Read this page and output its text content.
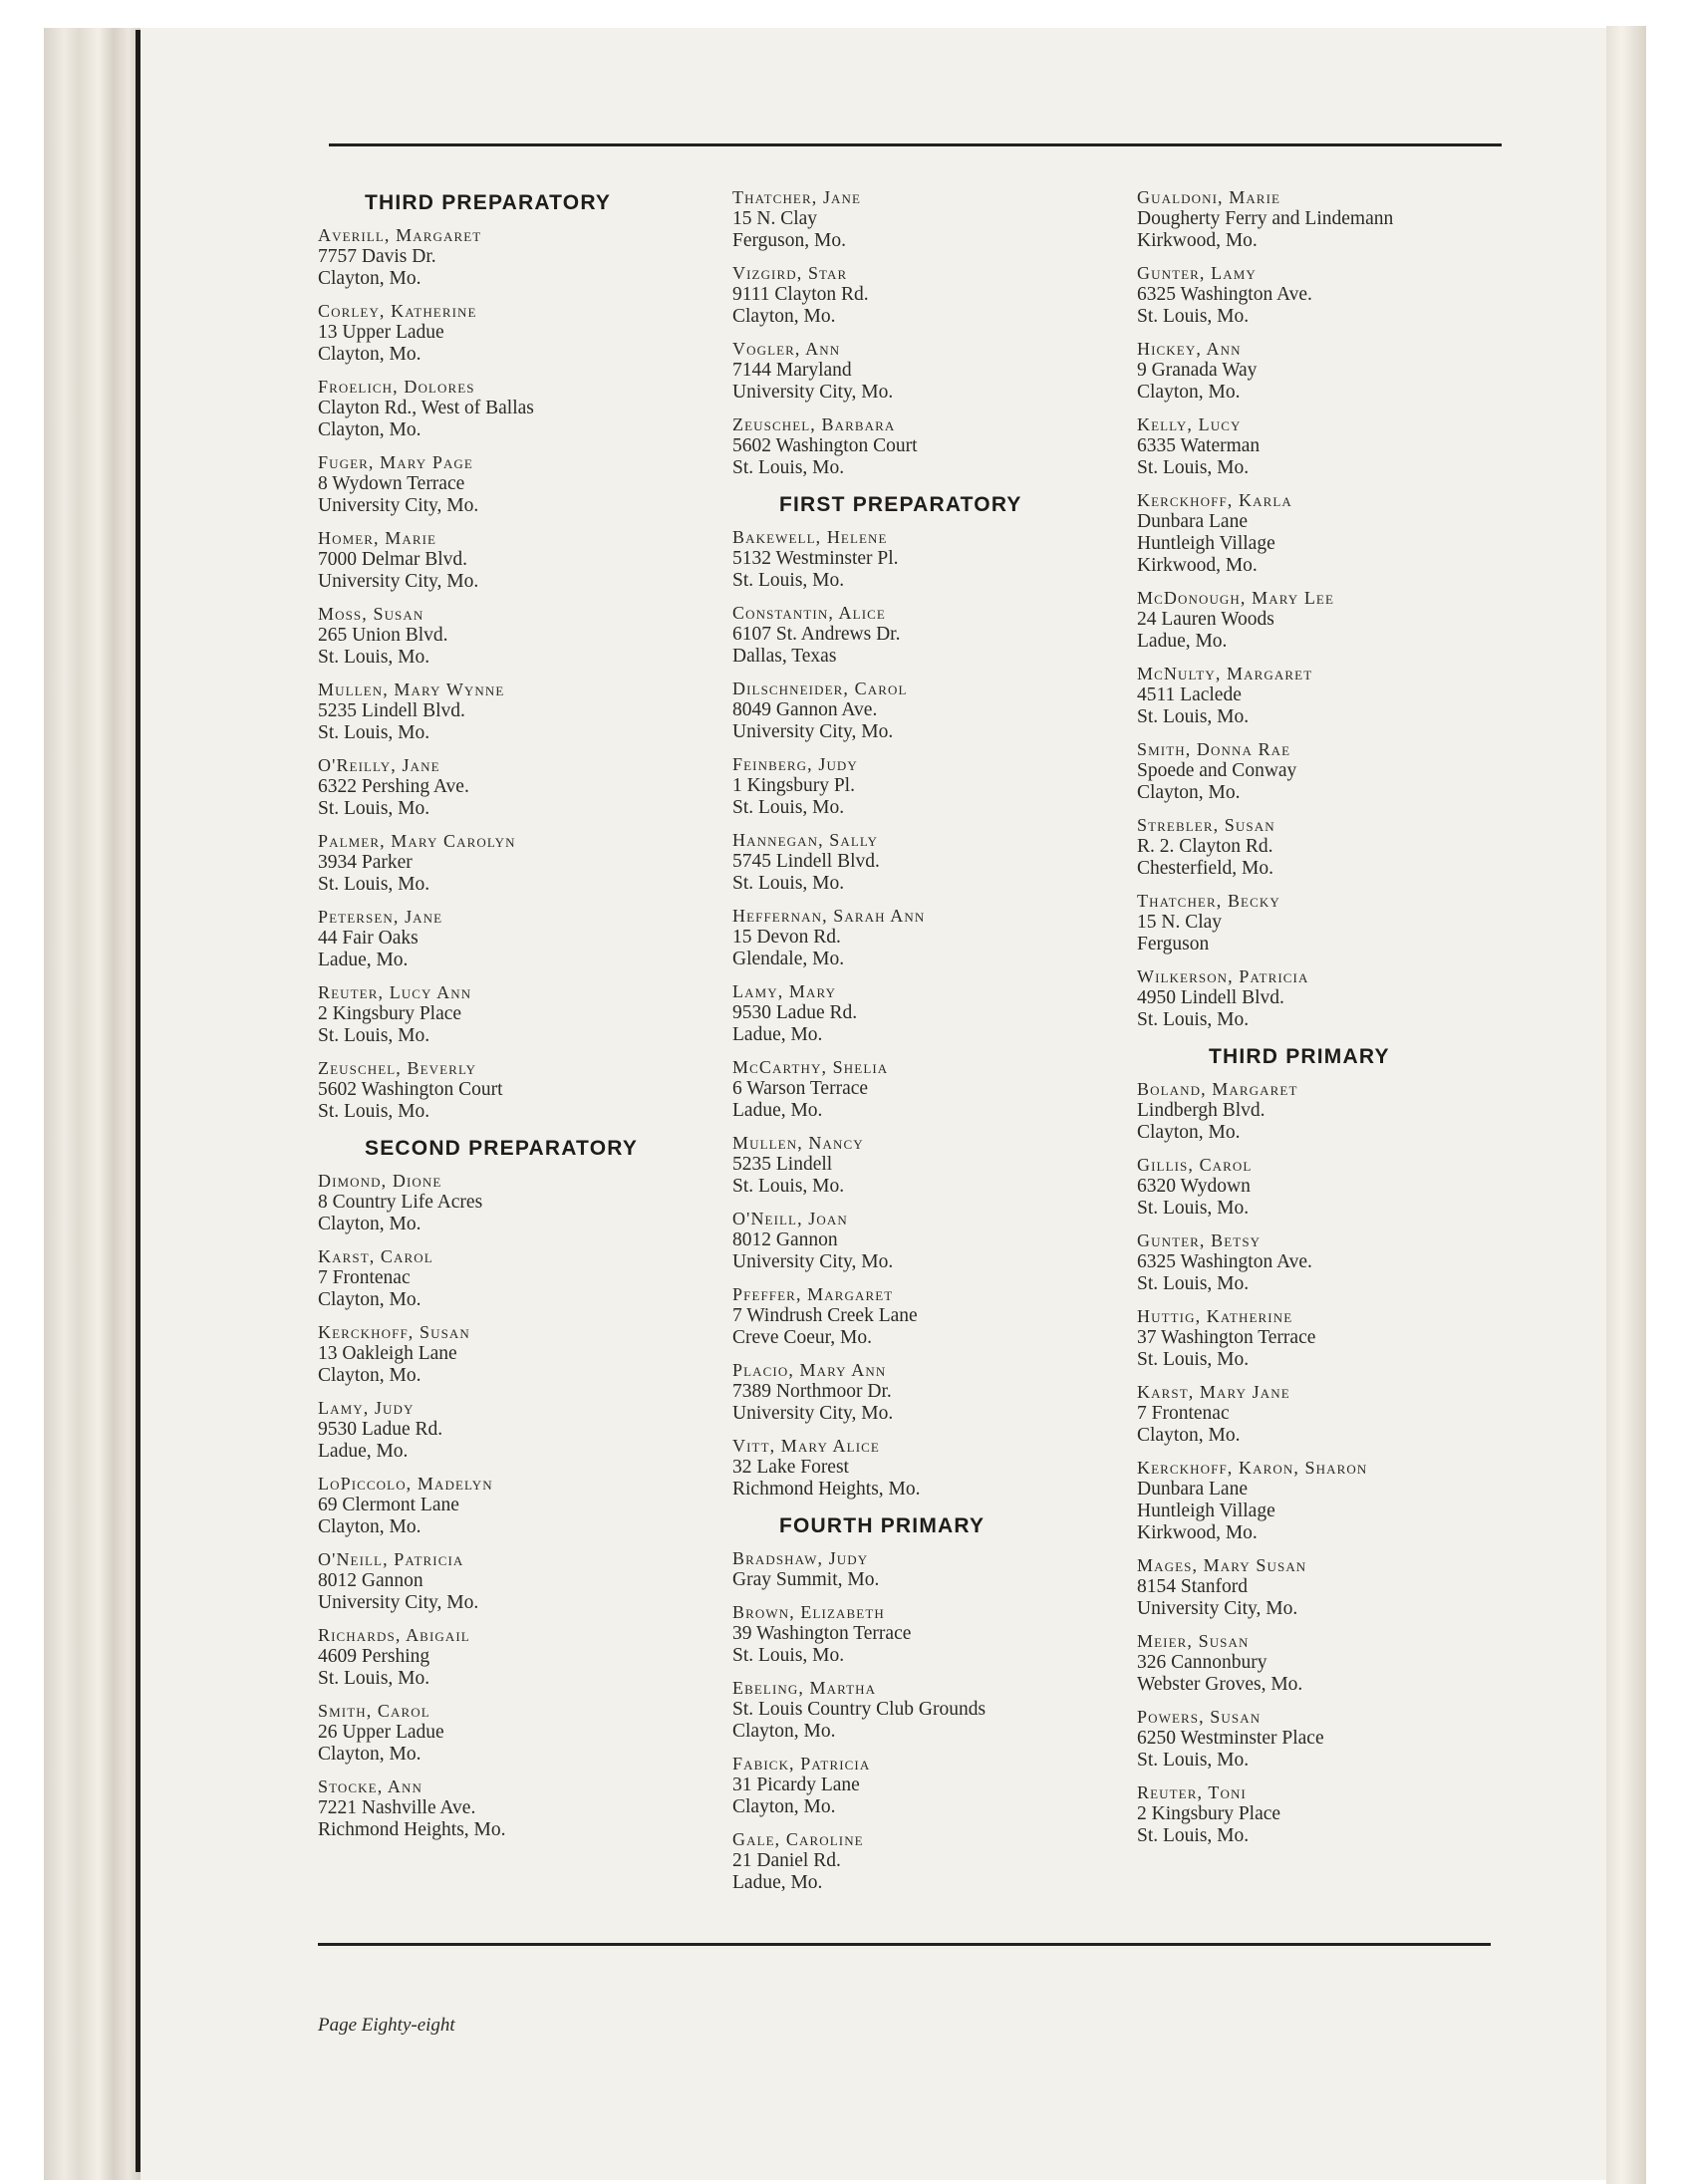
THIRD PREPARATORY
Averill, Margaret
7757 Davis Dr.
Clayton, Mo.
Corley, Katherine
13 Upper Ladue
Clayton, Mo.
Froelich, Dolores
Clayton Rd., West of Ballas
Clayton, Mo.
Fuger, Mary Page
8 Wydown Terrace
University City, Mo.
Homer, Marie
7000 Delmar Blvd.
University City, Mo.
Moss, Susan
265 Union Blvd.
St. Louis, Mo.
Mullen, Mary Wynne
5235 Lindell Blvd.
St. Louis, Mo.
O'Reilly, Jane
6322 Pershing Ave.
St. Louis, Mo.
Palmer, Mary Carolyn
3934 Parker
St. Louis, Mo.
Petersen, Jane
44 Fair Oaks
Ladue, Mo.
Reuter, Lucy Ann
2 Kingsbury Place
St. Louis, Mo.
Zeuschel, Beverly
5602 Washington Court
St. Louis, Mo.
SECOND PREPARATORY
Dimond, Dione
8 Country Life Acres
Clayton, Mo.
Karst, Carol
7 Frontenac
Clayton, Mo.
Kerckhoff, Susan
13 Oakleigh Lane
Clayton, Mo.
Lamy, Judy
9530 Ladue Rd.
Ladue, Mo.
LoPiccolo, Madelyn
69 Clermont Lane
Clayton, Mo.
O'Neill, Patricia
8012 Gannon
University City, Mo.
Richards, Abigail
4609 Pershing
St. Louis, Mo.
Smith, Carol
26 Upper Ladue
Clayton, Mo.
Stocke, Ann
7221 Nashville Ave.
Richmond Heights, Mo.
Thatcher, Jane
15 N. Clay
Ferguson, Mo.
Vizgird, Star
9111 Clayton Rd.
Clayton, Mo.
Vogler, Ann
7144 Maryland
University City, Mo.
Zeuschel, Barbara
5602 Washington Court
St. Louis, Mo.
FIRST PREPARATORY
Bakewell, Helene
5132 Westminster Pl.
St. Louis, Mo.
Constantin, Alice
6107 St. Andrews Dr.
Dallas, Texas
Dilschneider, Carol
8049 Gannon Ave.
University City, Mo.
Feinberg, Judy
1 Kingsbury Pl.
St. Louis, Mo.
Hannegan, Sally
5745 Lindell Blvd.
St. Louis, Mo.
Heffernan, Sarah Ann
15 Devon Rd.
Glendale, Mo.
Lamy, Mary
9530 Ladue Rd.
Ladue, Mo.
McCarthy, Shelia
6 Warson Terrace
Ladue, Mo.
Mullen, Nancy
5235 Lindell
St. Louis, Mo.
O'Neill, Joan
8012 Gannon
University City, Mo.
Pfeffer, Margaret
7 Windrush Creek Lane
Creve Coeur, Mo.
Placio, Mary Ann
7389 Northmoor Dr.
University City, Mo.
Vitt, Mary Alice
32 Lake Forest
Richmond Heights, Mo.
FOURTH PRIMARY
Bradshaw, Judy
Gray Summit, Mo.
Brown, Elizabeth
39 Washington Terrace
St. Louis, Mo.
Ebeling, Martha
St. Louis Country Club Grounds
Clayton, Mo.
Fabick, Patricia
31 Picardy Lane
Clayton, Mo.
Gale, Caroline
21 Daniel Rd.
Ladue, Mo.
Gualdoni, Marie
Dougherty Ferry and Lindemann
Kirkwood, Mo.
Gunter, Lamy
6325 Washington Ave.
St. Louis, Mo.
Hickey, Ann
9 Granada Way
Clayton, Mo.
Kelly, Lucy
6335 Waterman
St. Louis, Mo.
Kerckhoff, Karla
Dunbara Lane
Huntleigh Village
Kirkwood, Mo.
McDonough, Mary Lee
24 Lauren Woods
Ladue, Mo.
McNulty, Margaret
4511 Laclede
St. Louis, Mo.
Smith, Donna Rae
Spoede and Conway
Clayton, Mo.
Strebler, Susan
R. 2. Clayton Rd.
Chesterfield, Mo.
Thatcher, Becky
15 N. Clay
Ferguson
Wilkerson, Patricia
4950 Lindell Blvd.
St. Louis, Mo.
THIRD PRIMARY
Boland, Margaret
Lindbergh Blvd.
Clayton, Mo.
Gillis, Carol
6320 Wydown
St. Louis, Mo.
Gunter, Betsy
6325 Washington Ave.
St. Louis, Mo.
Huttig, Katherine
37 Washington Terrace
St. Louis, Mo.
Karst, Mary Jane
7 Frontenac
Clayton, Mo.
Kerckhoff, Karon, Sharon
Dunbara Lane
Huntleigh Village
Kirkwood, Mo.
Mages, Mary Susan
8154 Stanford
University City, Mo.
Meier, Susan
326 Cannonbury
Webster Groves, Mo.
Powers, Susan
6250 Westminster Place
St. Louis, Mo.
Reuter, Toni
2 Kingsbury Place
St. Louis, Mo.
Page Eighty-eight
